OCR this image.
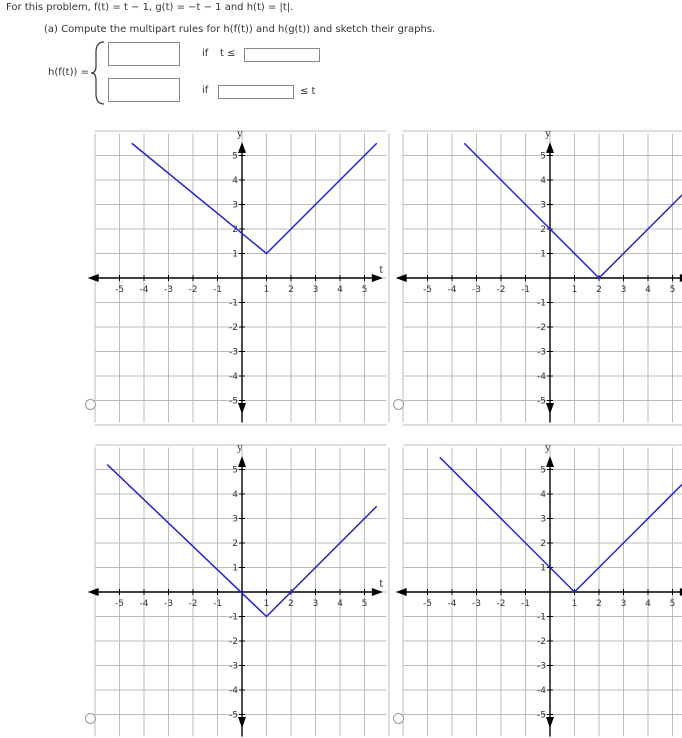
For this problem, f(t) = t − 1, g(t) = −t − 1 and h(t) = |t|.
(a) Compute the multipart rules for h(f(t)) and h(g(t)) and sketch their graphs.
h(f(t)) =
if t ≤
if	≤ t
-5 -4 -3 -2 -1	1 2 3 4 5
5
4
3
2
1
-1
-2
-3
-4
-5
y
t
-5 -4 -3 -2 -1	1 2 3 4 5
5
4
3
2
1
-1
-2
-3
-4
-5
y
-5 -4 -3 -2 -1	1 2 3 4 5
5
4
3
2
1
-1
-2
-3
-4
-5
y
t
-5 -4 -3 -2 -1	1 2 3 4 5
5
4
3
2
1
-1
-2
-3
-4
-5
y
